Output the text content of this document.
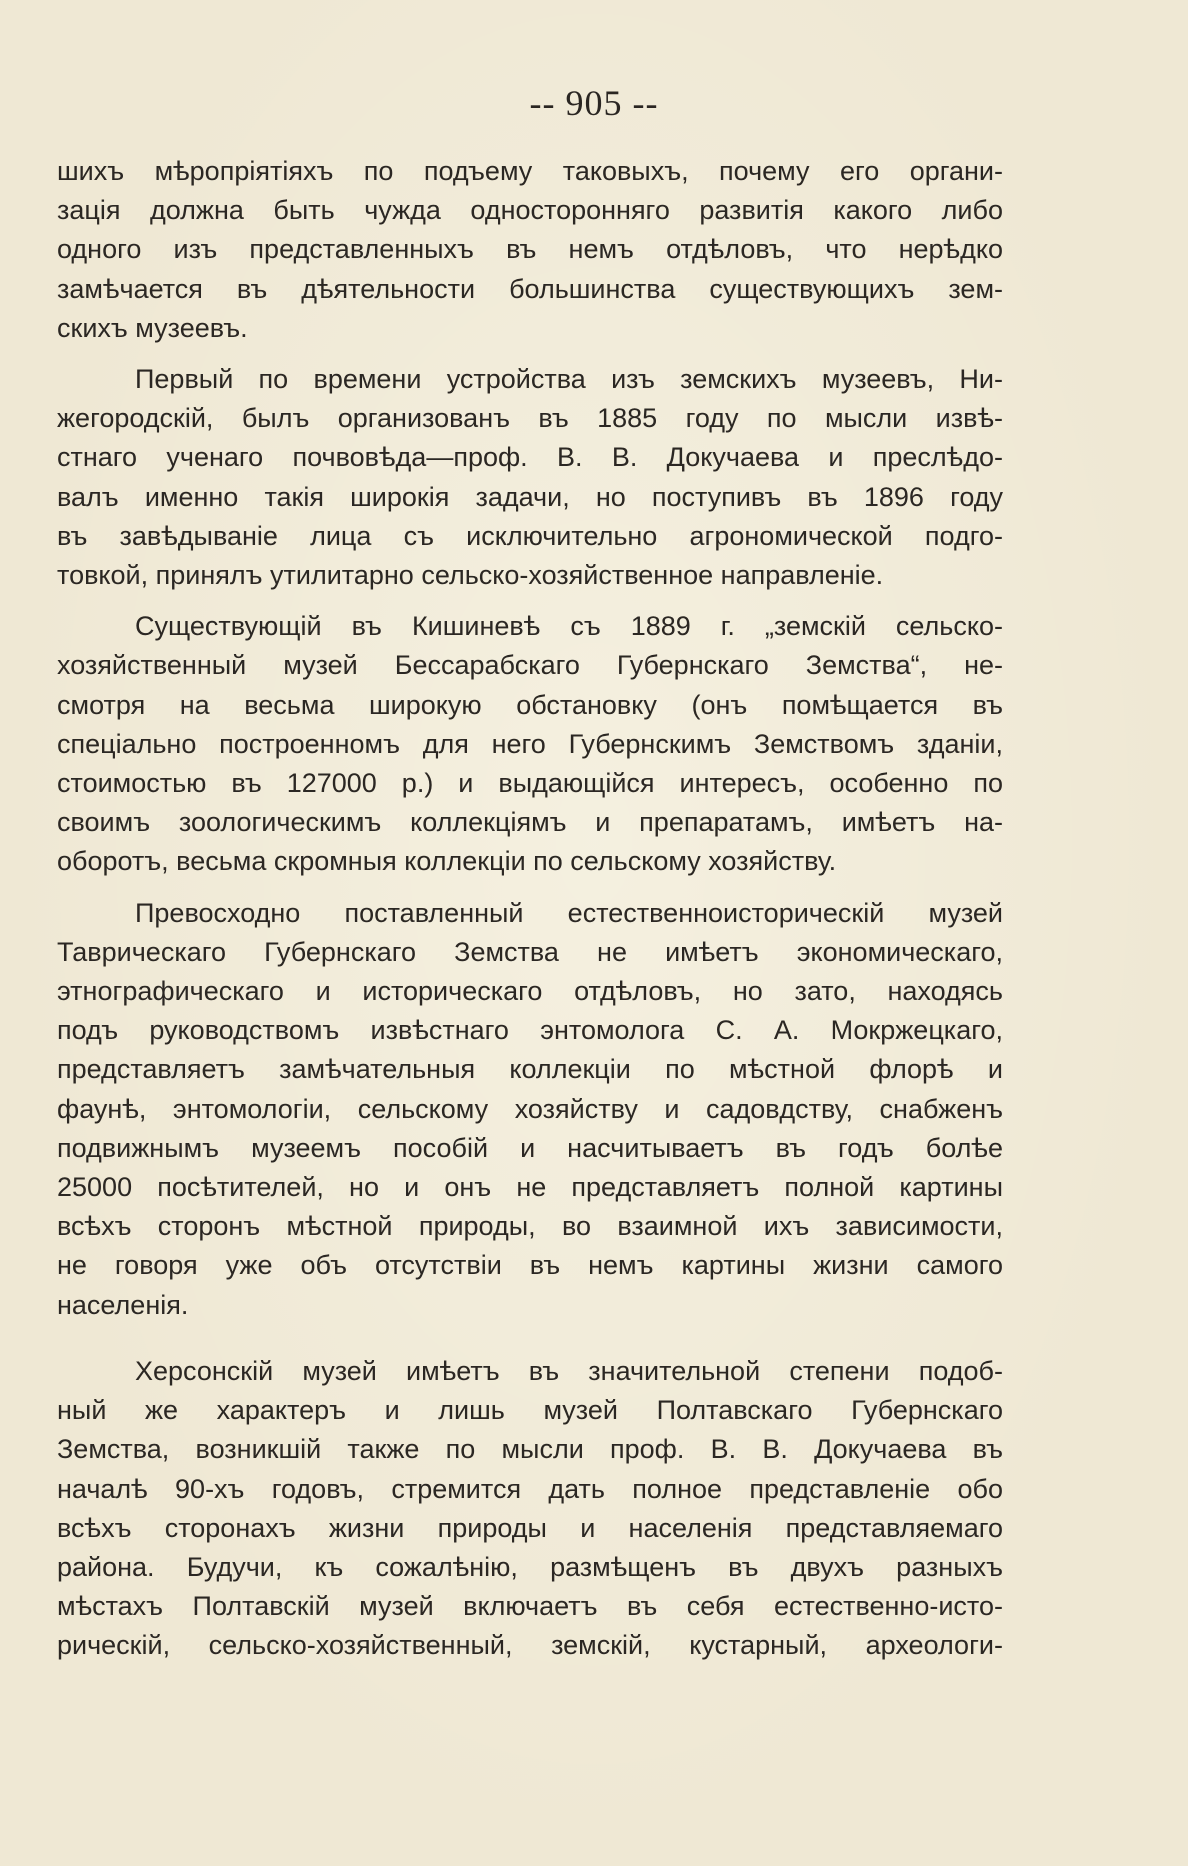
-- 905 --
шихъ мѣропріятіяхъ по подъему таковыхъ, почему его органи-
зація должна быть чужда односторонняго развитія какого либо
одного изъ представленныхъ въ немъ отдѣловъ, что нерѣдко
замѣчается въ дѣятельности большинства существующихъ зем-
скихъ музеевъ.
Первый по времени устройства изъ земскихъ музеевъ, Ни-
жегородскій, былъ организованъ въ 1885 году по мысли извѣ-
стнаго ученаго почвовѣда—проф. В. В. Докучаева и преслѣдо-
валъ именно такія широкія задачи, но поступивъ въ 1896 году
въ завѣдываніе лица съ исключительно агрономической подго-
товкой, принялъ утилитарно сельско-хозяйственное направленіе.
Существующій въ Кишиневѣ съ 1889 г. „земскій сельско-
хозяйственный музей Бессарабскаго Губернскаго Земства“, не-
смотря на весьма широкую обстановку (онъ помѣщается въ
спеціально построенномъ для него Губернскимъ Земствомъ зданіи,
стоимостью въ 127000 р.) и выдающійся интересъ, особенно по
своимъ зоологическимъ коллекціямъ и препаратамъ, имѣетъ на-
оборотъ, весьма скромныя коллекціи по сельскому хозяйству.
Превосходно поставленный естественноисторическій музей
Таврическаго Губернскаго Земства не имѣетъ экономическаго,
этнографическаго и историческаго отдѣловъ, но зато, находясь
подъ руководствомъ извѣстнаго энтомолога С. А. Мокржецкаго,
представляетъ замѣчательныя коллекціи по мѣстной флорѣ и
фаунѣ, энтомологіи, сельскому хозяйству и садовдству, снабженъ
подвижнымъ музеемъ пособій и насчитываетъ въ годъ болѣе
25000 посѣтителей, но и онъ не представляетъ полной картины
всѣхъ сторонъ мѣстной природы, во взаимной ихъ зависимости,
не говоря уже объ отсутствіи въ немъ картины жизни самого
населенія.
Херсонскій музей имѣетъ въ значительной степени подоб-
ный же характеръ и лишь музей Полтавскаго Губернскаго
Земства, возникшій также по мысли проф. В. В. Докучаева въ
началѣ 90-хъ годовъ, стремится дать полное представленіе обо
всѣхъ сторонахъ жизни природы и населенія представляемаго
района. Будучи, къ сожалѣнію, размѣщенъ въ двухъ разныхъ
мѣстахъ Полтавскій музей включаетъ въ себя естественно-исто-
рическій, сельско-хозяйственный, земскій, кустарный, археологи-
